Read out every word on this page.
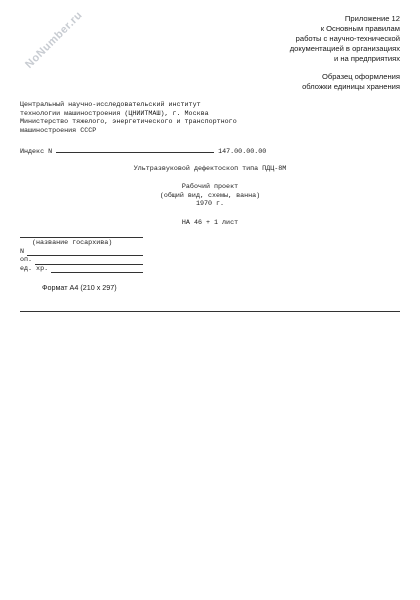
NoNumber.ru	Приложение 12
к Основным правилам
работы с научно-технической
документацией в организациях
и на предприятиях
Образец оформления
обложки единицы хранения
Центральный научно-исследовательский институт
технологии машиностроения (ЦНИИТМАШ), г. Москва
Министерство тяжелого, энергетического и транспортного
машиностроения СССР
Индекс N	147.00.00.00
Ультразвуковой дефектоскоп типа ПДЦ-8М
Рабочий проект
(общий вид, схемы, ванна)
1970 г.
НА 46 + 1 лист
(название госархива)
N
оп.
ед. хр.
Формат А4 (210 x 297)
